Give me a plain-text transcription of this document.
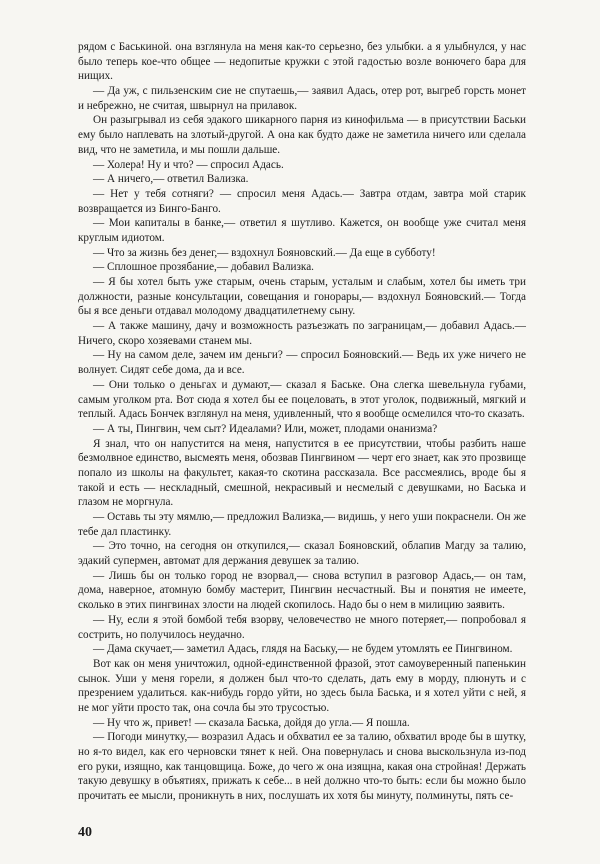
рядом с Баськиной. она взглянула на меня как-то серьезно, без улыбки. а я улыбнулся, у нас было теперь кое-что общее — недопитые кружки с этой гадостью возле вонючего бара для нищих.

— Да уж, с пильзенским сие не спутаешь,— заявил Адась, отер рот, выгреб горсть монет и небрежно, не считая, швырнул на прилавок.

Он разыгрывал из себя эдакого шикарного парня из кинофильма — в присутствии Баськи ему было наплевать на злотый-другой. А она как будто даже не заметила ничего или сделала вид, что не заметила, и мы пошли дальше.

— Холера! Ну и что? — спросил Адась.

— А ничего,— ответил Вализка.

— Нет у тебя сотняги? — спросил меня Адась.— Завтра отдам, завтра мой старик возвращается из Бинго-Банго.

— Мои капиталы в банке,— ответил я шутливо. Кажется, он вообще уже считал меня круглым идиотом.

— Что за жизнь без денег,— вздохнул Бояновский.— Да еще в субботу!

— Сплошное прозябание,— добавил Вализка.

— Я бы хотел быть уже старым, очень старым, усталым и слабым, хотел бы иметь три должности, разные консультации, совещания и гонорары,— вздохнул Бояновский.— Тогда бы я все деньги отдавал молодому двадцатилетнему сыну.

— А также машину, дачу и возможность разъезжать по заграницам,— добавил Адась.— Ничего, скоро хозяевами станем мы.

— Ну на самом деле, зачем им деньги? — спросил Бояновский.— Ведь их уже ничего не волнует. Сидят себе дома, да и все.

— Они только о деньгах и думают,— сказал я Баське. Она слегка шевельнула губами, самым уголком рта. Вот сюда я хотел бы ее поцеловать, в этот уголок, подвижный, мягкий и теплый. Адась Бончек взглянул на меня, удивленный, что я вообще осмелился что-то сказать.

— А ты, Пингвин, чем сыт? Идеалами? Или, может, плодами онанизма?

Я знал, что он напустится на меня, напустится в ее присутствии, чтобы разбить наше безмолвное единство, высмеять меня, обозвав Пингвином — черт его знает, как это прозвище попало из школы на факультет, какая-то скотина рассказала. Все рассмеялись, вроде бы я такой и есть — нескладный, смешной, некрасивый и несмелый с девушками, но Баська и глазом не моргнула.

— Оставь ты эту мямлю,— предложил Вализка,— видишь, у него уши покраснели. Он же тебе дал пластинку.

— Это точно, на сегодня он откупился,— сказал Бояновский, облапив Магду за талию, эдакий супермен, автомат для держания девушек за талию.

— Лишь бы он только город не взорвал,— снова вступил в разговор Адась,— он там, дома, наверное, атомную бомбу мастерит, Пингвин несчастный. Вы и понятия не имеете, сколько в этих пингвинах злости на людей скопилось. Надо бы о нем в милицию заявить.

— Ну, если я этой бомбой тебя взорву, человечество не много потеряет,— попробовал я сострить, но получилось неудачно.

— Дама скучает,— заметил Адась, глядя на Баську,— не будем утомлять ее Пингвином.

Вот как он меня уничтожил, одной-единственной фразой, этот самоуверенный папенькин сынок. Уши у меня горели, я должен был что-то сделать, дать ему в морду, плюнуть и с презрением удалиться. как-нибудь гордо уйти, но здесь была Баська, и я хотел уйти с ней, я не мог уйти просто так, она сочла бы это трусостью.

— Ну что ж, привет! — сказала Баська, дойдя до угла.— Я пошла.

— Погоди минутку,— возразил Адась и обхватил ее за талию, обхватил вроде бы в шутку, но я-то видел, как его черновски тянет к ней. Она повернулась и снова выскользнула из-под его руки, изящно, как танцовщица. Боже, до чего ж она изящна, какая она стройная! Держать такую девушку в объятиях, прижать к себе... в ней должно что-то быть: если бы можно было прочитать ее мысли, проникнуть в них, послушать их хотя бы минуту, полминуты, пять се-

40
